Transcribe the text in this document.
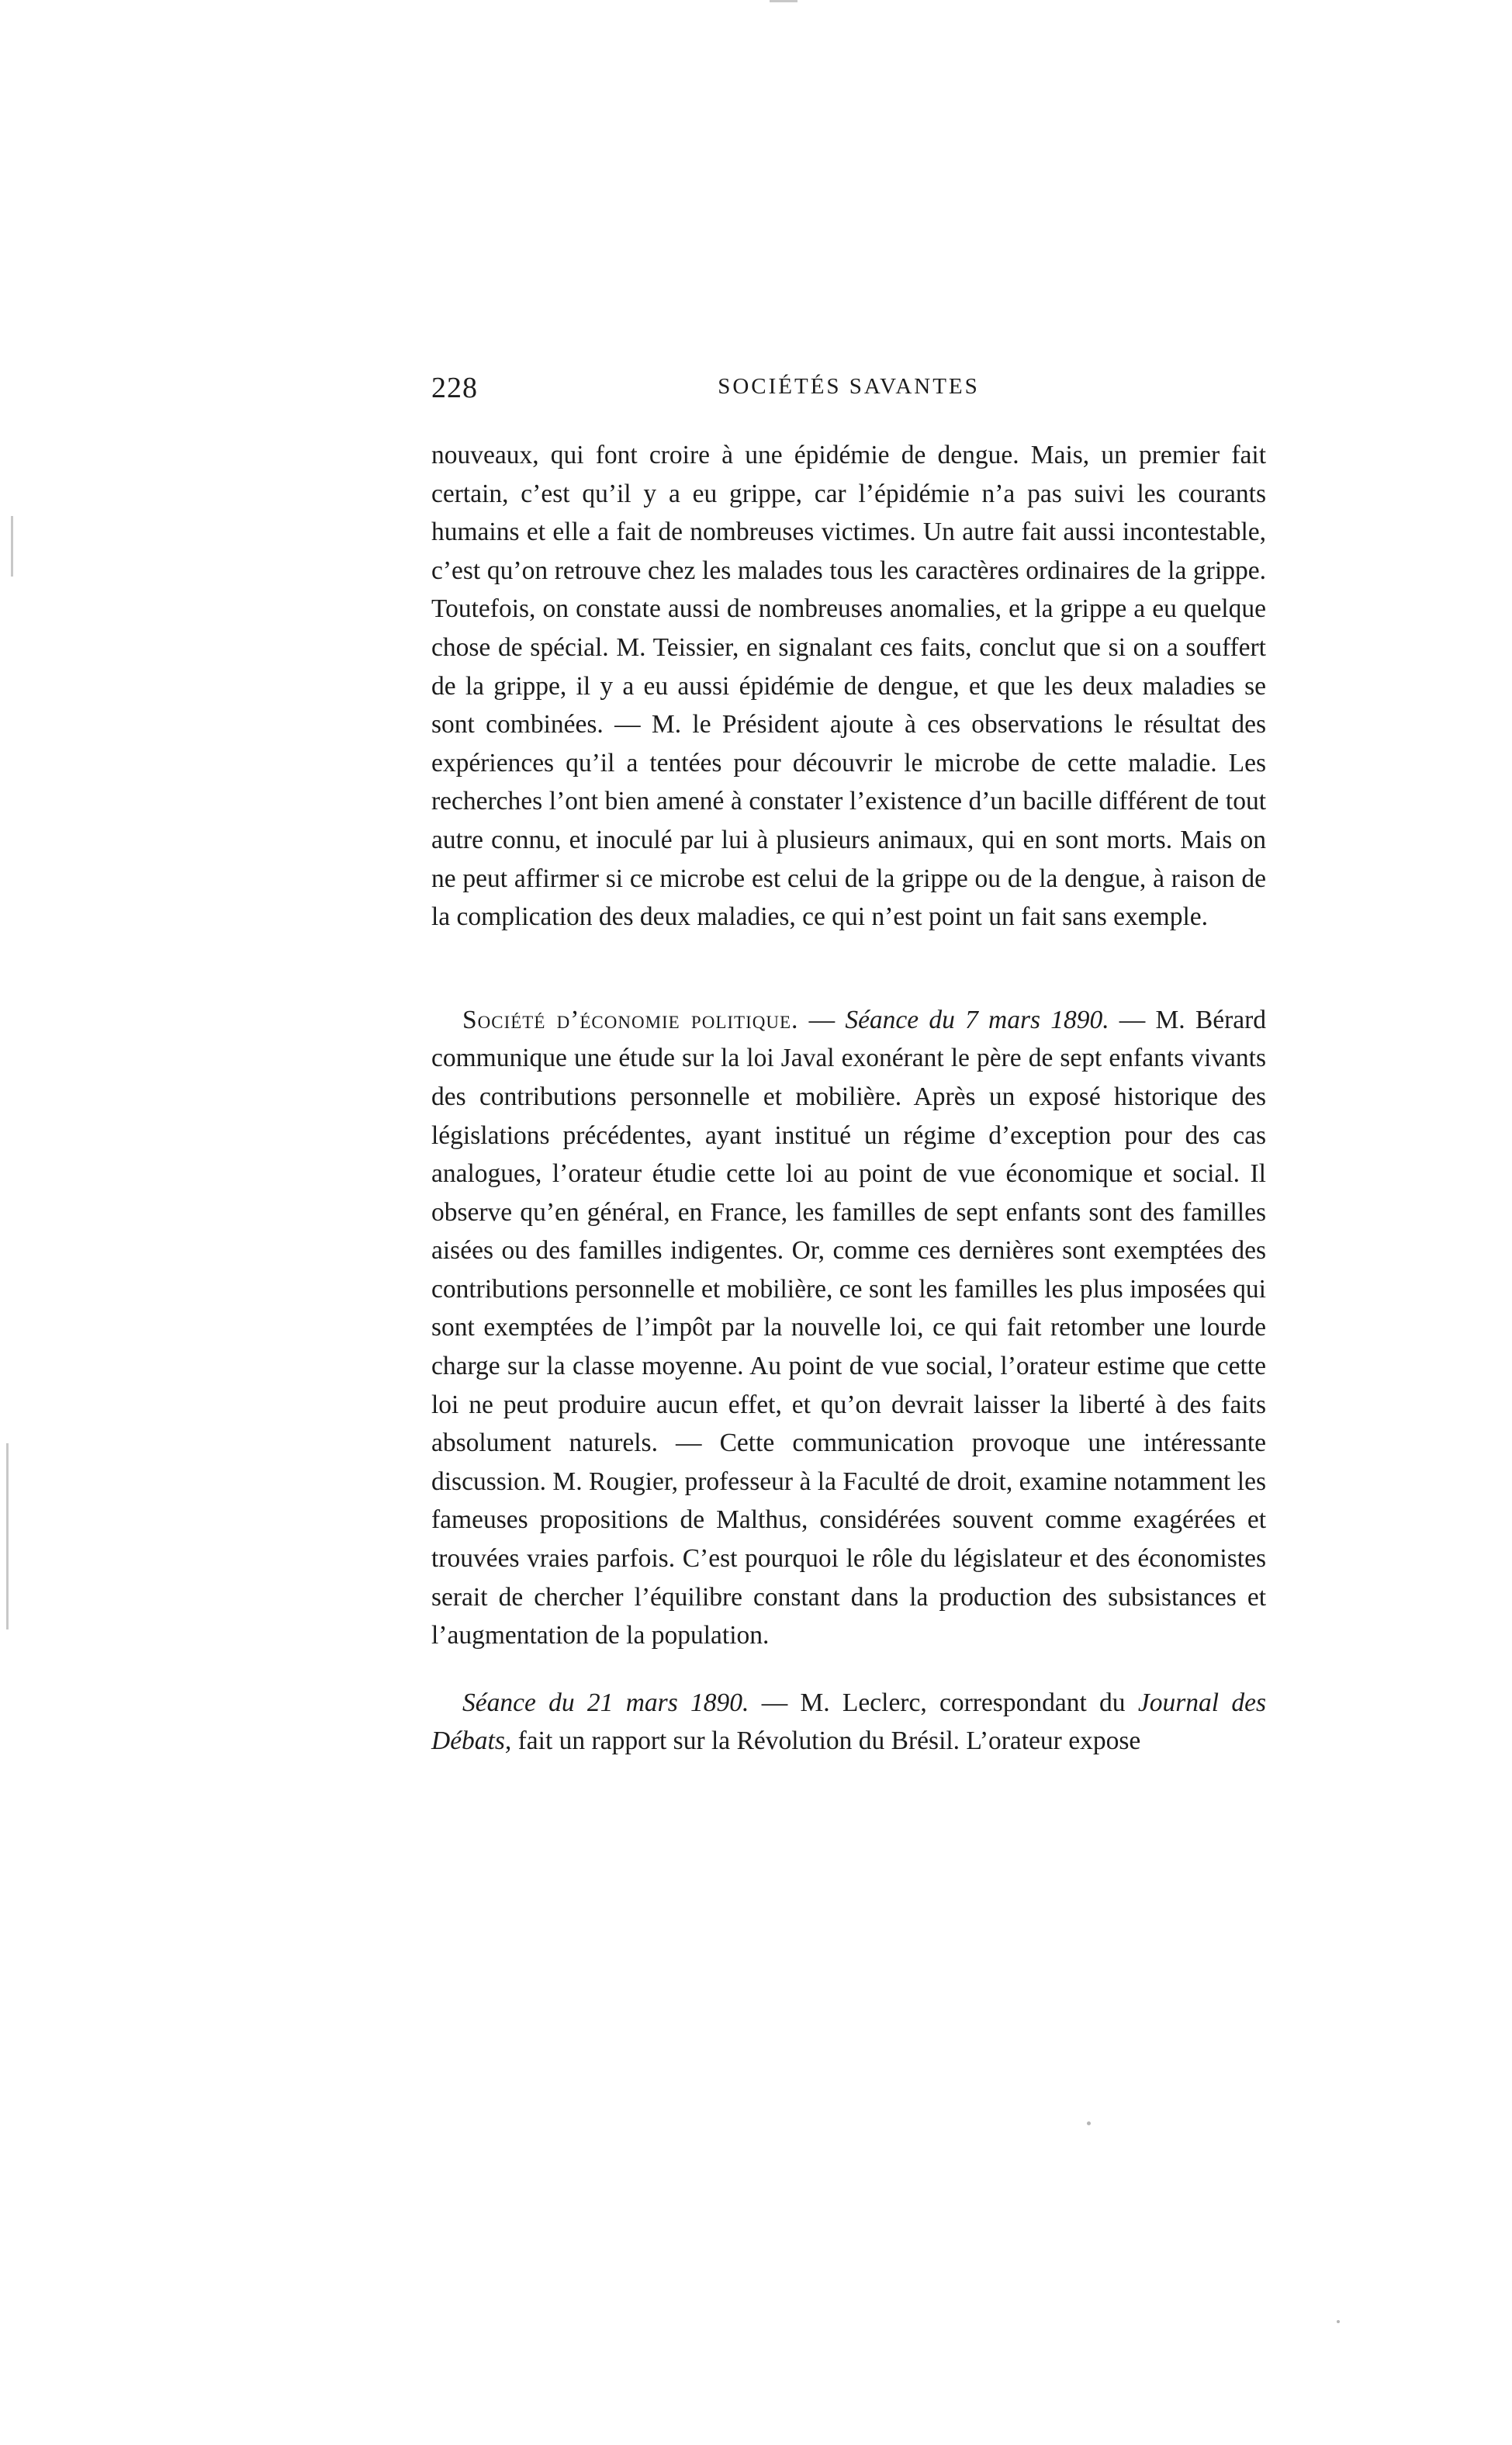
228	SOCIÉTÉS SAVANTES

nouveaux, qui font croire à une épidémie de dengue. Mais, un premier fait certain, c’est qu’il y a eu grippe, car l’épidémie n’a pas suivi les courants humains et elle a fait de nombreuses victimes. Un autre fait aussi incontestable, c’est qu’on retrouve chez les malades tous les caractères ordinaires de la grippe. Toutefois, on constate aussi de nombreuses anomalies, et la grippe a eu quelque chose de spécial. M. Teissier, en signalant ces faits, conclut que si on a souffert de la grippe, il y a eu aussi épidémie de dengue, et que les deux maladies se sont combinées. — M. le Président ajoute à ces observations le résultat des expériences qu’il a tentées pour découvrir le microbe de cette maladie. Les recherches l’ont bien amené à constater l’existence d’un bacille différent de tout autre connu, et inoculé par lui à plusieurs animaux, qui en sont morts. Mais on ne peut affirmer si ce microbe est celui de la grippe ou de la dengue, à raison de la complication des deux maladies, ce qui n’est point un fait sans exemple.

Société d’économie politique. — Séance du 7 mars 1890. — M. Bérard communique une étude sur la loi Javal exonérant le père de sept enfants vivants des contributions personnelle et mobilière. Après un exposé historique des législations précédentes, ayant institué un régime d’exception pour des cas analogues, l’orateur étudie cette loi au point de vue économique et social. Il observe qu’en général, en France, les familles de sept enfants sont des familles aisées ou des familles indigentes. Or, comme ces dernières sont exemptées des contributions personnelle et mobilière, ce sont les familles les plus imposées qui sont exemptées de l’impôt par la nouvelle loi, ce qui fait retomber une lourde charge sur la classe moyenne. Au point de vue social, l’orateur estime que cette loi ne peut produire aucun effet, et qu’on devrait laisser la liberté à des faits absolument naturels. — Cette communication provoque une intéressante discussion. M. Rougier, professeur à la Faculté de droit, examine notamment les fameuses propositions de Malthus, considérées souvent comme exagérées et trouvées vraies parfois. C’est pourquoi le rôle du législateur et des économistes serait de chercher l’équilibre constant dans la production des subsistances et l’augmentation de la population.

Séance du 21 mars 1890. — M. Leclerc, correspondant du Journal des Débats, fait un rapport sur la Révolution du Brésil. L’orateur expose
